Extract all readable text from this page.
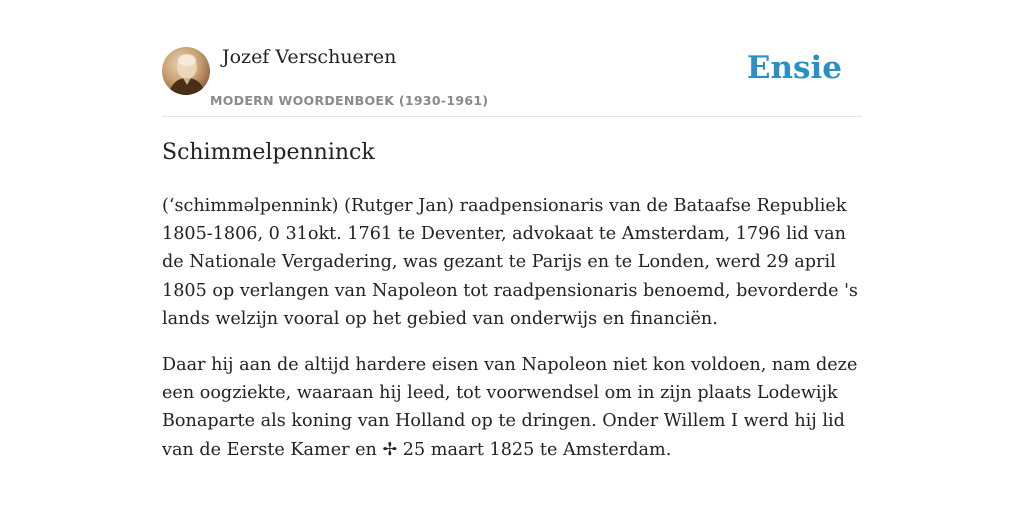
Jozef Verschueren
MODERN WOORDENBOEK (1930-1961)
Ensie
Schimmelpenninck

(‘schimməlpennink) (Rutger Jan) raadpensionaris van de Bataafse Republiek 1805-1806, 0 31okt. 1761 te Deventer, advokaat te Amsterdam, 1796 lid van de Nationale Vergadering, was gezant te Parijs en te Londen, werd 29 april 1805 op verlangen van Napoleon tot raadpensionaris benoemd, bevorderde 's lands welzijn vooral op het gebied van onderwijs en financiën.

Daar hij aan de altijd hardere eisen van Napoleon niet kon voldoen, nam deze een oogziekte, waaraan hij leed, tot voorwendsel om in zijn plaats Lodewijk Bonaparte als koning van Holland op te dringen. Onder Willem I werd hij lid van de Eerste Kamer en ✢ 25 maart 1825 te Amsterdam.
